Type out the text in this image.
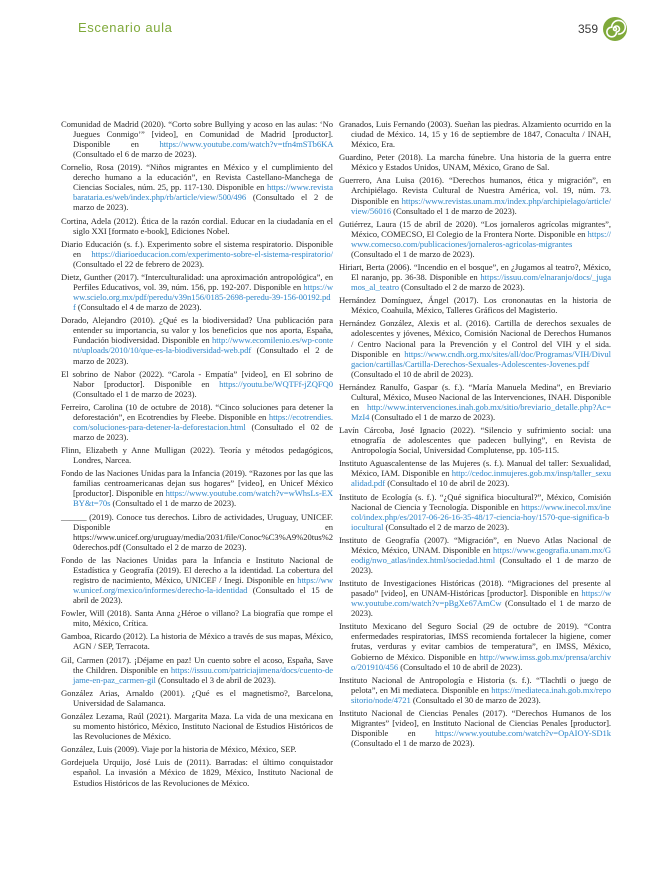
Escenario aula	359

Comunidad de Madrid (2020). “Corto sobre Bullying y acoso en las aulas: ‘No Juegues Conmigo’” [video], en Comunidad de Madrid [productor]. Disponible en https://www.youtube.com/watch?v=tfn4mSTb6KA (Consultado el 6 de marzo de 2023).

Cornelio, Rosa (2019). “Niños migrantes en México y el cumplimiento del derecho humano a la educación”, en Revista Castellano-Manchega de Ciencias Sociales, núm. 25, pp. 117-130. Disponible en https://www.revistabarataria.es/web/index.php/rb/article/view/500/496 (Consultado el 2 de marzo de 2023).

Cortina, Adela (2012). Ética de la razón cordial. Educar en la ciudadanía en el siglo XXI [formato e-book], Ediciones Nobel.

Diario Educación (s. f.). Experimento sobre el sistema respiratorio. Disponible en https://diarioeducacion.com/experimento-sobre-el-sistema-respiratorio/ (Consultado el 22 de febrero de 2023).

Dietz, Gunther (2017). “Interculturalidad: una aproximación antropológica”, en Perfiles Educativos, vol. 39, núm. 156, pp. 192-207. Disponible en https://www.scielo.org.mx/pdf/peredu/v39n156/0185-2698-peredu-39-156-00192.pdf (Consultado el 4 de marzo de 2023).

Dorado, Alejandro (2010). ¿Qué es la biodiversidad? Una publicación para entender su importancia, su valor y los beneficios que nos aporta, España, Fundación biodiversidad. Disponible en http://www.ecomilenio.es/wp-content/uploads/2010/10/que-es-la-biodiversidad-web.pdf (Consultado el 2 de marzo de 2023).

El sobrino de Nabor (2022). “Carola - Empatía” [video], en El sobrino de Nabor [productor]. Disponible en https://youtu.be/WQTFf-jZQFQ0 (Consultado el 1 de marzo de 2023).

Ferreiro, Carolina (10 de octubre de 2018). “Cinco soluciones para detener la deforestación”, en Ecotrendies by Fleebe. Disponible en https://ecotrendies.com/soluciones-para-detener-la-deforestacion.html (Consultado el 02 de marzo de 2023).

Flinn, Elizabeth y Anne Mulligan (2022). Teoría y métodos pedagógicos, Londres, Narcea.

Fondo de las Naciones Unidas para la Infancia (2019). “Razones por las que las familias centroamericanas dejan sus hogares” [video], en Unicef México [productor]. Disponible en https://www.youtube.com/watch?v=wWhsLs-EXBY&t=70s (Consultado el 1 de marzo de 2023).

______ (2019). Conoce tus derechos. Libro de actividades, Uruguay, UNICEF. Disponible en https://www.unicef.org/uruguay/media/2031/file/Conoc%C3%A9%20tus%20derechos.pdf (Consultado el 2 de marzo de 2023).

Fondo de las Naciones Unidas para la Infancia e Instituto Nacional de Estadística y Geografía (2019). El derecho a la identidad. La cobertura del registro de nacimiento, México, UNICEF / Inegi. Disponible en https://www.unicef.org/mexico/informes/derecho-la-identidad (Consultado el 15 de abril de 2023).

Fowler, Will (2018). Santa Anna ¿Héroe o villano? La biografía que rompe el mito, México, Crítica.

Gamboa, Ricardo (2012). La historia de México a través de sus mapas, México, AGN / SEP, Terracota.

Gil, Carmen (2017). ¡Déjame en paz! Un cuento sobre el acoso, España, Save the Children. Disponible en https://issuu.com/patriciajimena/docs/cuento-dejame-en-paz_carmen-gil (Consultado el 3 de abril de 2023).

González Arias, Arnaldo (2001). ¿Qué es el magnetismo?, Barcelona, Universidad de Salamanca.

González Lezama, Raúl (2021). Margarita Maza. La vida de una mexicana en su momento histórico, México, Instituto Nacional de Estudios Históricos de las Revoluciones de México.

González, Luis (2009). Viaje por la historia de México, México, SEP.

Gordejuela Urquijo, José Luis de (2011). Barradas: el último conquistador español. La invasión a México de 1829, México, Instituto Nacional de Estudios Históricos de las Revoluciones de México.

Granados, Luis Fernando (2003). Sueñan las piedras. Alzamiento ocurrido en la ciudad de México. 14, 15 y 16 de septiembre de 1847, Conaculta / INAH, México, Era.

Guardino, Peter (2018). La marcha fúnebre. Una historia de la guerra entre México y Estados Unidos, UNAM, México, Grano de Sal.

Guerrero, Ana Luisa (2016). “Derechos humanos, ética y migración”, en Archipiélago. Revista Cultural de Nuestra América, vol. 19, núm. 73. Disponible en https://www.revistas.unam.mx/index.php/archipielago/article/view/56016 (Consultado el 1 de marzo de 2023).

Gutiérrez, Laura (15 de abril de 2020). “Los jornaleros agrícolas migrantes”, México, COMECSO, El Colegio de la Frontera Norte. Disponible en https://www.comecso.com/publicaciones/jornaleros-agricolas-migrantes (Consultado el 1 de marzo de 2023).

Hiriart, Berta (2006). “Incendio en el bosque”, en ¿Jugamos al teatro?, México, El naranjo, pp. 36-38. Disponible en https://issuu.com/elnaranjo/docs/_jugamos_al_teatro (Consultado el 2 de marzo de 2023).

Hernández Domínguez, Ángel (2017). Los crononautas en la historia de México, Coahuila, México, Talleres Gráficos del Magisterio.

Hernández González, Alexis et al. (2016). Cartilla de derechos sexuales de adolescentes y jóvenes, México, Comisión Nacional de Derechos Humanos / Centro Nacional para la Prevención y el Control del VIH y el sida. Disponible en https://www.cndh.org.mx/sites/all/doc/Programas/VIH/Divulgacion/cartillas/Cartilla-Derechos-Sexuales-Adolescentes-Jovenes.pdf (Consultado el 10 de abril de 2023).

Hernández Ranulfo, Gaspar (s. f.). “María Manuela Medina”, en Breviario Cultural, México, Museo Nacional de las Intervenciones, INAH. Disponible en http://www.intervenciones.inah.gob.mx/sitio/breviario_detalle.php?Ac=MzI4 (Consultado el 1 de marzo de 2023).

Lavín Cárcoba, José Ignacio (2022). “Silencio y sufrimiento social: una etnografía de adolescentes que padecen bullying”, en Revista de Antropología Social, Universidad Complutense, pp. 105-115.

Instituto Aguascalentense de las Mujeres (s. f.). Manual del taller: Sexualidad, México, IAM. Disponible en http://cedoc.inmujeres.gob.mx/insp/taller_sexualidad.pdf (Consultado el 10 de abril de 2023).

Instituto de Ecología (s. f.). “¿Qué significa biocultural?”, México, Comisión Nacional de Ciencia y Tecnología. Disponible en https://www.inecol.mx/inecol/index.php/es/2017-06-26-16-35-48/17-ciencia-hoy/1570-que-significa-biocultural (Consultado el 2 de marzo de 2023).

Instituto de Geografía (2007). “Migración”, en Nuevo Atlas Nacional de México, México, UNAM. Disponible en https://www.geografia.unam.mx/Geodig/nwo_atlas/index.html/sociedad.html (Consultado el 1 de marzo de 2023).

Instituto de Investigaciones Históricas (2018). “Migraciones del presente al pasado” [video], en UNAM-Históricas [productor]. Disponible en https://www.youtube.com/watch?v=pBgXe67AmCw (Consultado el 1 de marzo de 2023).

Instituto Mexicano del Seguro Social (29 de octubre de 2019). “Contra enfermedades respiratorias, IMSS recomienda fortalecer la higiene, comer frutas, verduras y evitar cambios de temperatura”, en IMSS, México, Gobierno de México. Disponible en http://www.imss.gob.mx/prensa/archivo/201910/456 (Consultado el 10 de abril de 2023).

Instituto Nacional de Antropología e Historia (s. f.). “Tlachtli o juego de pelota”, en Mi mediateca. Disponible en https://mediateca.inah.gob.mx/repositorio/node/4721 (Consultado el 30 de marzo de 2023).

Instituto Nacional de Ciencias Penales (2017). “Derechos Humanos de los Migrantes” [video], en Instituto Nacional de Ciencias Penales [productor]. Disponible en https://www.youtube.com/watch?v=OpAIOY-SD1k (Consultado el 1 de marzo de 2023).
